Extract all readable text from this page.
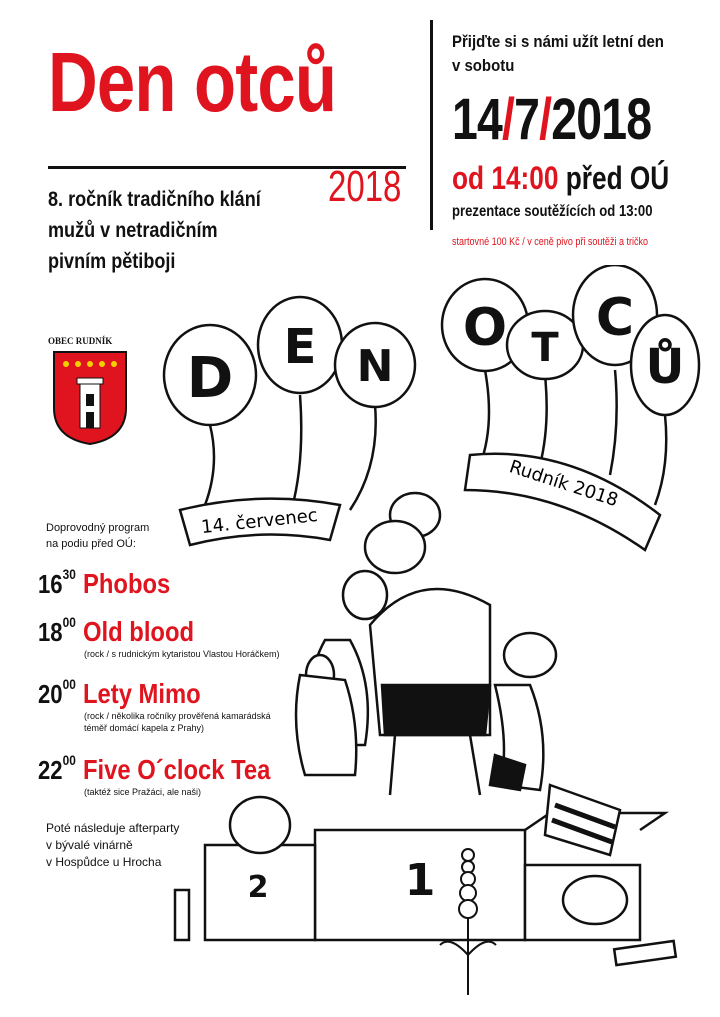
Den otců
2018
8. ročník tradičního klání
mužů v netradičním
pivním pětiboji
Přijďte si s námi užít letní den
v sobotu
14/7/2018
od 14:00 před OÚ
prezentace soutěžících od 13:00
startovné 100 Kč / v ceně pivo při soutěži a tričko
OBEC RUDNÍK
D E N
O T C
Ů
14. červenec
Rudník 2018
1
2
Doprovodný program
na podiu před OÚ:
$16^{30}$ Phobos
$18^{00}$ Old blood
(rock / s rudnickým kytaristou Vlastou Horáčkem)
$20^{00}$ Lety Mimo
(rock / několika ročníky prověřená kamarádská
téměř domácí kapela z Prahy)
$22^{00}$ Five O´clock Tea
(taktéž sice Pražáci, ale naši)
Poté následuje afterparty
v bývalé vinárně
v Hospůdce u Hrocha
